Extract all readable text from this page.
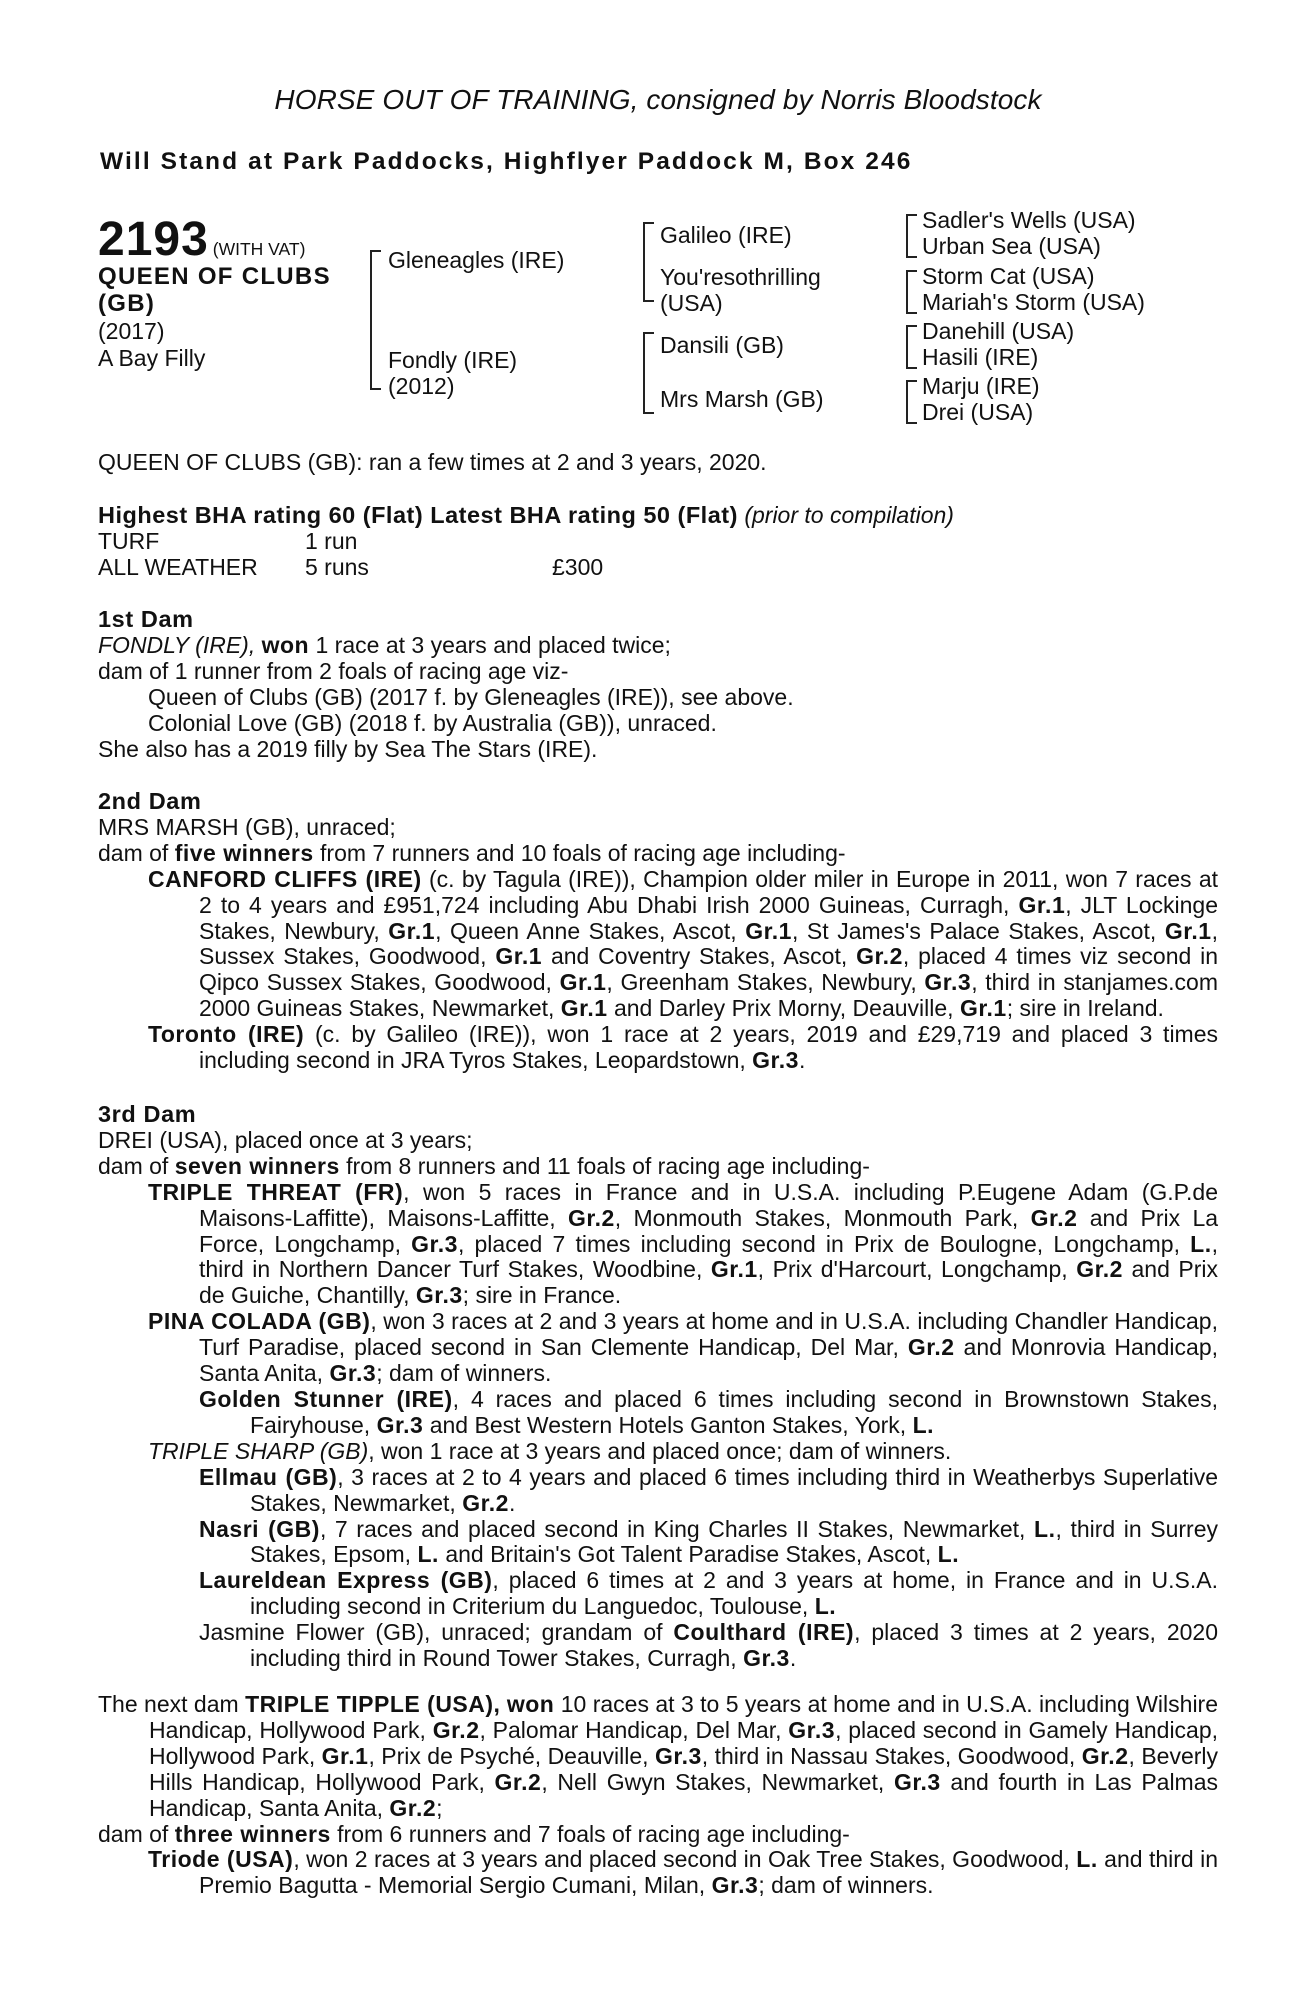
HORSE OUT OF TRAINING, consigned by Norris Bloodstock
Will Stand at Park Paddocks, Highflyer Paddock M, Box 246
2193 (WITH VAT)
QUEEN OF CLUBS
(GB)
(2017)
A Bay Filly
Gleneagles (IRE)
Fondly (IRE)
(2012)
Galileo (IRE)
You'resothrilling
(USA)
Dansili (GB)
Mrs Marsh (GB)
Sadler's Wells (USA)
Urban Sea (USA)
Storm Cat (USA)
Mariah's Storm (USA)
Danehill (USA)
Hasili (IRE)
Marju (IRE)
Drei (USA)
QUEEN OF CLUBS (GB): ran a few times at 2 and 3 years, 2020.
Highest BHA rating 60 (Flat) Latest BHA rating 50 (Flat) (prior to compilation)
TURF	1 run
ALL WEATHER	5 runs	£300
1st Dam
FONDLY (IRE), won 1 race at 3 years and placed twice;
dam of 1 runner from 2 foals of racing age viz-
Queen of Clubs (GB) (2017 f. by Gleneagles (IRE)), see above.
Colonial Love (GB) (2018 f. by Australia (GB)), unraced.
She also has a 2019 filly by Sea The Stars (IRE).
2nd Dam
MRS MARSH (GB), unraced;
dam of five winners from 7 runners and 10 foals of racing age including-
CANFORD CLIFFS (IRE) (c. by Tagula (IRE)), Champion older miler in Europe in 2011, won 7 races at 2 to 4 years and £951,724 including Abu Dhabi Irish 2000 Guineas, Curragh, Gr.1, JLT Lockinge Stakes, Newbury, Gr.1, Queen Anne Stakes, Ascot, Gr.1, St James's Palace Stakes, Ascot, Gr.1, Sussex Stakes, Goodwood, Gr.1 and Coventry Stakes, Ascot, Gr.2, placed 4 times viz second in Qipco Sussex Stakes, Goodwood, Gr.1, Greenham Stakes, Newbury, Gr.3, third in stanjames.com 2000 Guineas Stakes, Newmarket, Gr.1 and Darley Prix Morny, Deauville, Gr.1; sire in Ireland.
Toronto (IRE) (c. by Galileo (IRE)), won 1 race at 2 years, 2019 and £29,719 and placed 3 times including second in JRA Tyros Stakes, Leopardstown, Gr.3.
3rd Dam
DREI (USA), placed once at 3 years;
dam of seven winners from 8 runners and 11 foals of racing age including-
TRIPLE THREAT (FR), won 5 races in France and in U.S.A. including P.Eugene Adam (G.P.de Maisons-Laffitte), Maisons-Laffitte, Gr.2, Monmouth Stakes, Monmouth Park, Gr.2 and Prix La Force, Longchamp, Gr.3, placed 7 times including second in Prix de Boulogne, Longchamp, L., third in Northern Dancer Turf Stakes, Woodbine, Gr.1, Prix d'Harcourt, Longchamp, Gr.2 and Prix de Guiche, Chantilly, Gr.3; sire in France.
PINA COLADA (GB), won 3 races at 2 and 3 years at home and in U.S.A. including Chandler Handicap, Turf Paradise, placed second in San Clemente Handicap, Del Mar, Gr.2 and Monrovia Handicap, Santa Anita, Gr.3; dam of winners.
Golden Stunner (IRE), 4 races and placed 6 times including second in Brownstown Stakes, Fairyhouse, Gr.3 and Best Western Hotels Ganton Stakes, York, L.
TRIPLE SHARP (GB), won 1 race at 3 years and placed once; dam of winners.
Ellmau (GB), 3 races at 2 to 4 years and placed 6 times including third in Weatherbys Superlative Stakes, Newmarket, Gr.2.
Nasri (GB), 7 races and placed second in King Charles II Stakes, Newmarket, L., third in Surrey Stakes, Epsom, L. and Britain's Got Talent Paradise Stakes, Ascot, L.
Laureldean Express (GB), placed 6 times at 2 and 3 years at home, in France and in U.S.A. including second in Criterium du Languedoc, Toulouse, L.
Jasmine Flower (GB), unraced; grandam of Coulthard (IRE), placed 3 times at 2 years, 2020 including third in Round Tower Stakes, Curragh, Gr.3.
The next dam TRIPLE TIPPLE (USA), won 10 races at 3 to 5 years at home and in U.S.A. including Wilshire Handicap, Hollywood Park, Gr.2, Palomar Handicap, Del Mar, Gr.3, placed second in Gamely Handicap, Hollywood Park, Gr.1, Prix de Psyché, Deauville, Gr.3, third in Nassau Stakes, Goodwood, Gr.2, Beverly Hills Handicap, Hollywood Park, Gr.2, Nell Gwyn Stakes, Newmarket, Gr.3 and fourth in Las Palmas Handicap, Santa Anita, Gr.2;
dam of three winners from 6 runners and 7 foals of racing age including-
Triode (USA), won 2 races at 3 years and placed second in Oak Tree Stakes, Goodwood, L. and third in Premio Bagutta - Memorial Sergio Cumani, Milan, Gr.3; dam of winners.
